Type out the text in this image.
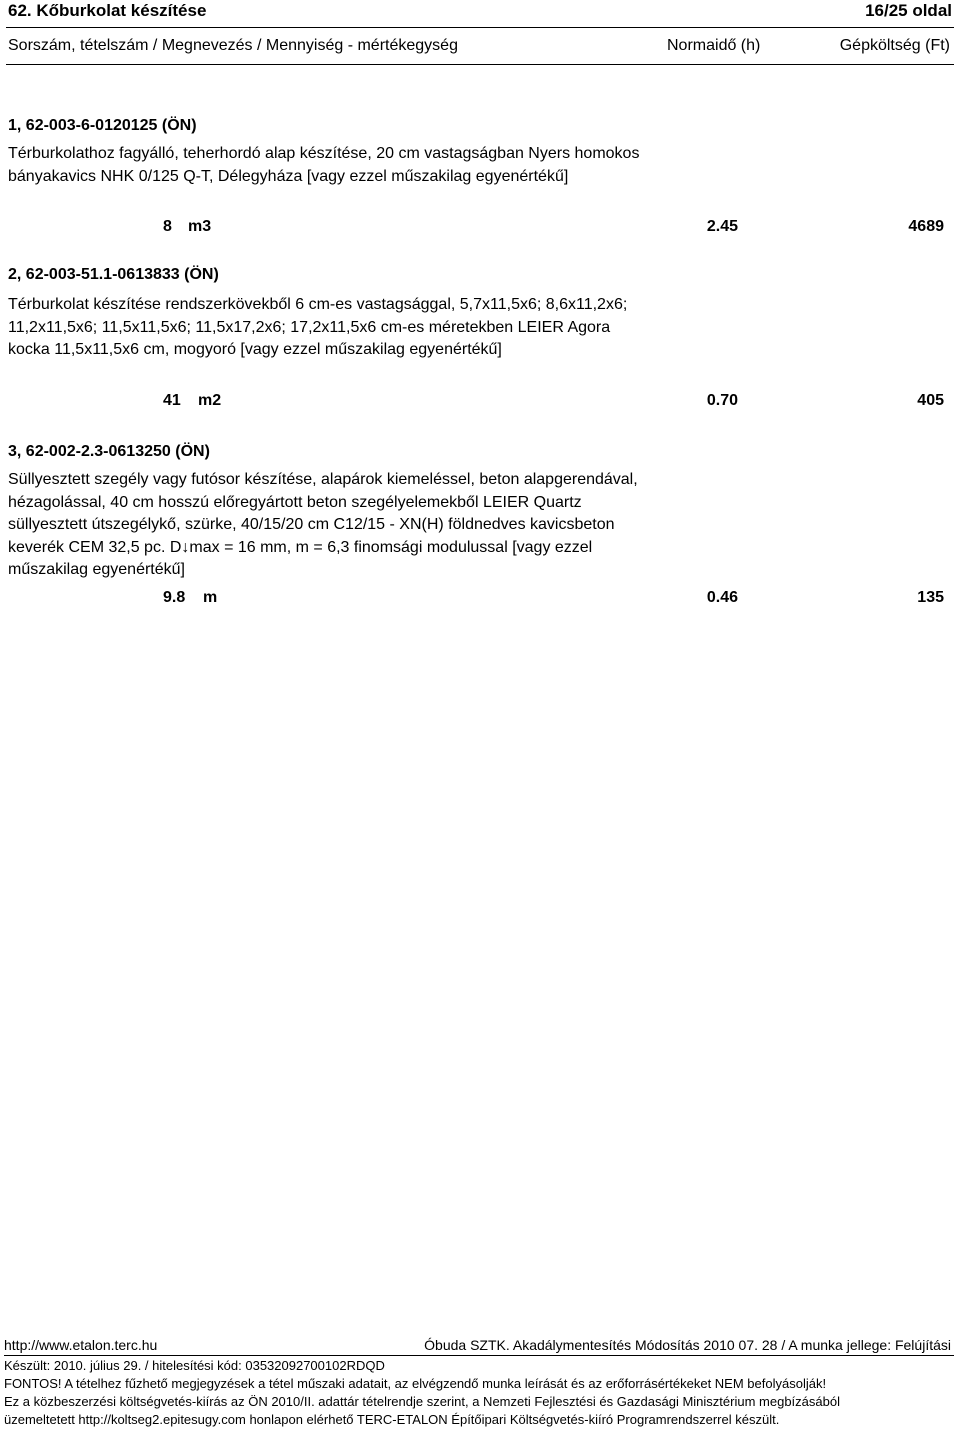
62. Kőburkolat készítése	16/25 oldal
Sorszám, tételszám / Megnevezés / Mennyiség - mértékegység	Normaidő (h)	Gépköltség (Ft)
1, 62-003-6-0120125 (ÖN)
Térburkolathoz fagyálló, teherhordó alap készítése, 20 cm vastagságban Nyers homokos bányakavics NHK 0/125 Q-T, Délegyháza [vagy ezzel műszakilag egyenértékű]
8 m3	2.45	4689
2, 62-003-51.1-0613833 (ÖN)
Térburkolat készítése rendszerkövekből 6 cm-es vastagsággal, 5,7x11,5x6; 8,6x11,2x6; 11,2x11,5x6; 11,5x11,5x6; 11,5x17,2x6; 17,2x11,5x6 cm-es méretekben LEIER Agora kocka 11,5x11,5x6 cm, mogyoró [vagy ezzel műszakilag egyenértékű]
41 m2	0.70	405
3, 62-002-2.3-0613250 (ÖN)
Süllyesztett szegély vagy futósor készítése, alapárok kiemeléssel, beton alapgerendával, hézagolással, 40 cm hosszú előregyártott beton szegélyelemekből LEIER Quartz süllyesztett útszegélykő, szürke, 40/15/20 cm C12/15 - XN(H) földnedves kavicsbeton keverék CEM 32,5 pc. D↓max = 16 mm, m = 6,3 finomsági modulussal [vagy ezzel műszakilag egyenértékű]
9.8 m	0.46	135
http://www.etalon.terc.hu	Óbuda SZTK. Akadálymentesítés Módosítás 2010 07. 28 / A munka jellege: Felújítási
Készült: 2010. július 29. / hitelesítési kód: 03532092700102RDQD
FONTOS! A tételhez fűzhető megjegyzések a tétel műszaki adatait, az elvégzendő munka leírását és az erőforrásértékeket NEM befolyásolják!
Ez a közbeszerzési költségvetés-kiírás az ÖN 2010/II. adattár tételrendje szerint, a Nemzeti Fejlesztési és Gazdasági Minisztérium megbízásából
üzemeltetett http://koltseg2.epitesugy.com honlapon elérhető TERC-ETALON Építőipari Költségvetés-kiíró Programrendszerrel készült.
